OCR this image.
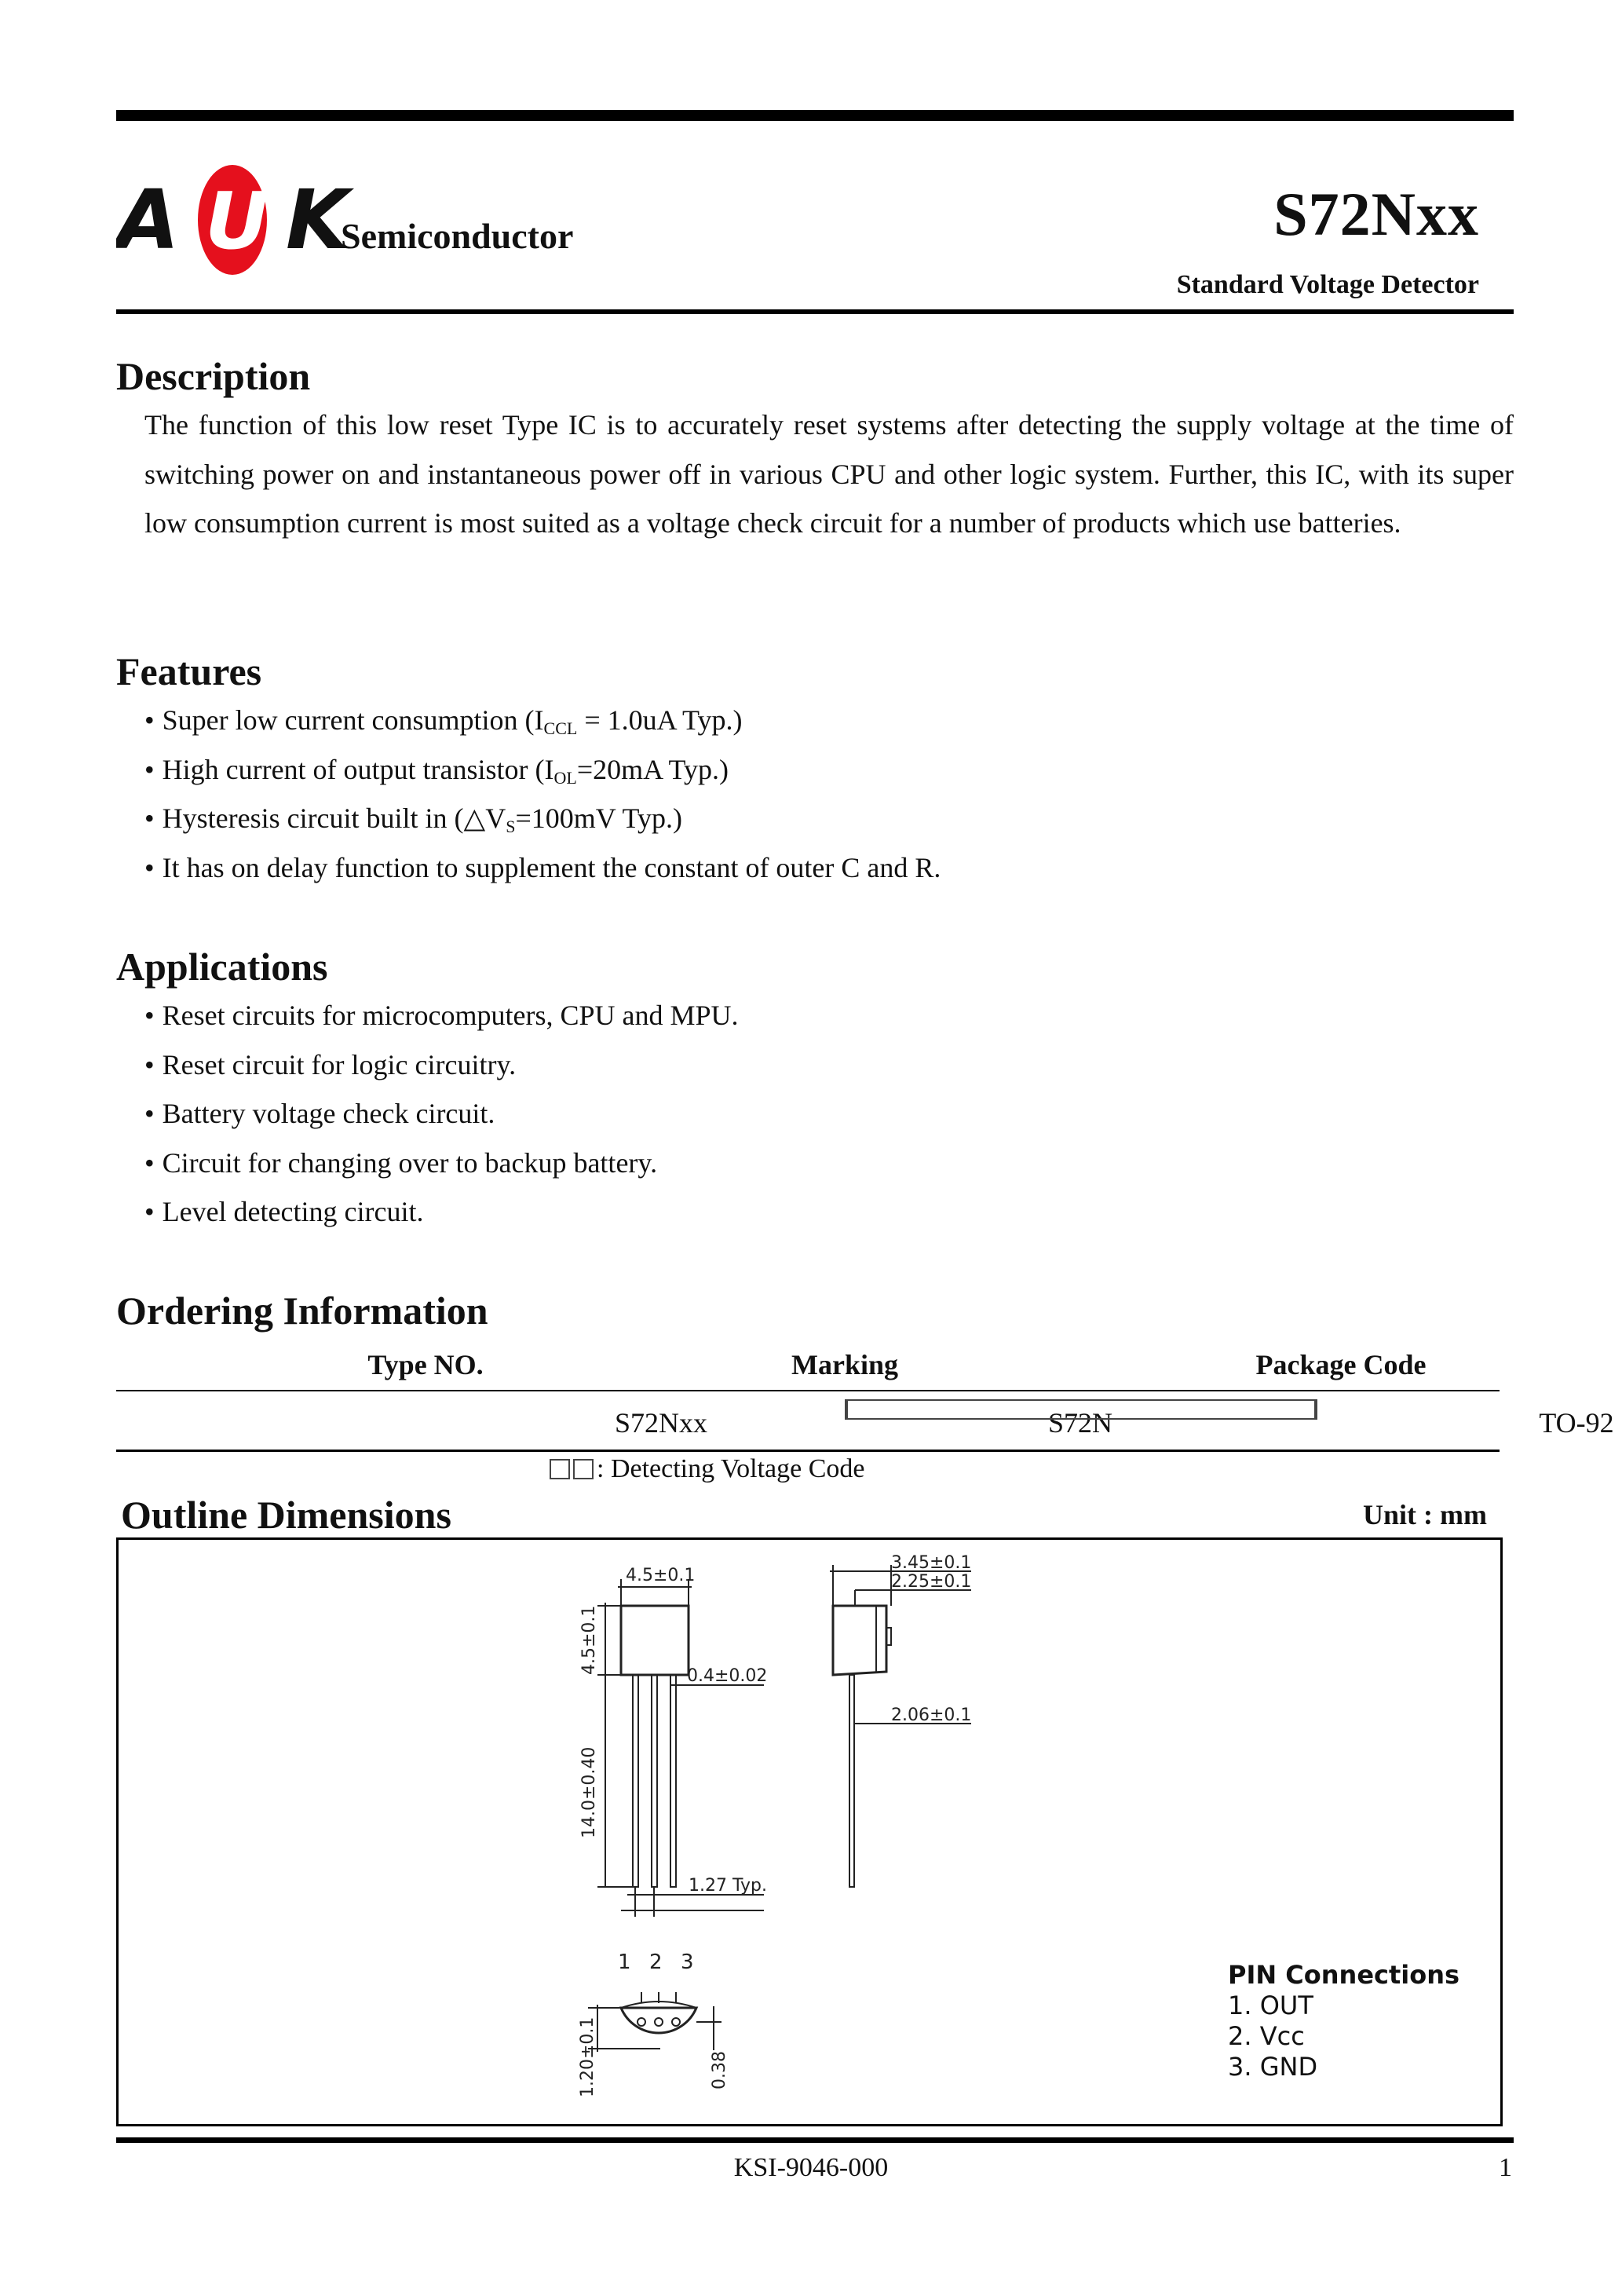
A U K
Semiconductor	S72Nxx
Standard Voltage Detector
Description
The function of this low reset Type IC is to accurately reset systems after detecting the supply voltage at the time of switching power on and instantaneous power off in various CPU and other logic system. Further, this IC, with its super low consumption current is most suited as a voltage check circuit for a number of products which use batteries.
Features
• Super low current consumption ($I_{CCL} = 1.0uA$ Typ.)
• High current of output transistor ($I_{OL}=20mA$ Typ.)
• Hysteresis circuit built in ($\triangle V_S=100mV$ Typ.)
• It has on delay function to supplement the constant of outer C and R.
Applications
• Reset circuits for microcomputers, CPU and MPU.
• Reset circuit for logic circuitry.
• Battery voltage check circuit.
• Circuit for changing over to backup battery.
• Level detecting circuit.
Ordering Information
Type NO.	Marking	Package Code
S72Nxx	S72N	TO-92
: Detecting Voltage Code
Outline Dimensions	Unit : mm
4.5±0.1
4.5±0.1
14.0±0.40
0.4±0.02
1.27 Typ.
3.45±0.1
2.25±0.1
2.06±0.1
1.20±0.1	0.38
1 2 3	PIN Connections
1. OUT
2. Vcc
3. GND
KSI-9046-000	1
